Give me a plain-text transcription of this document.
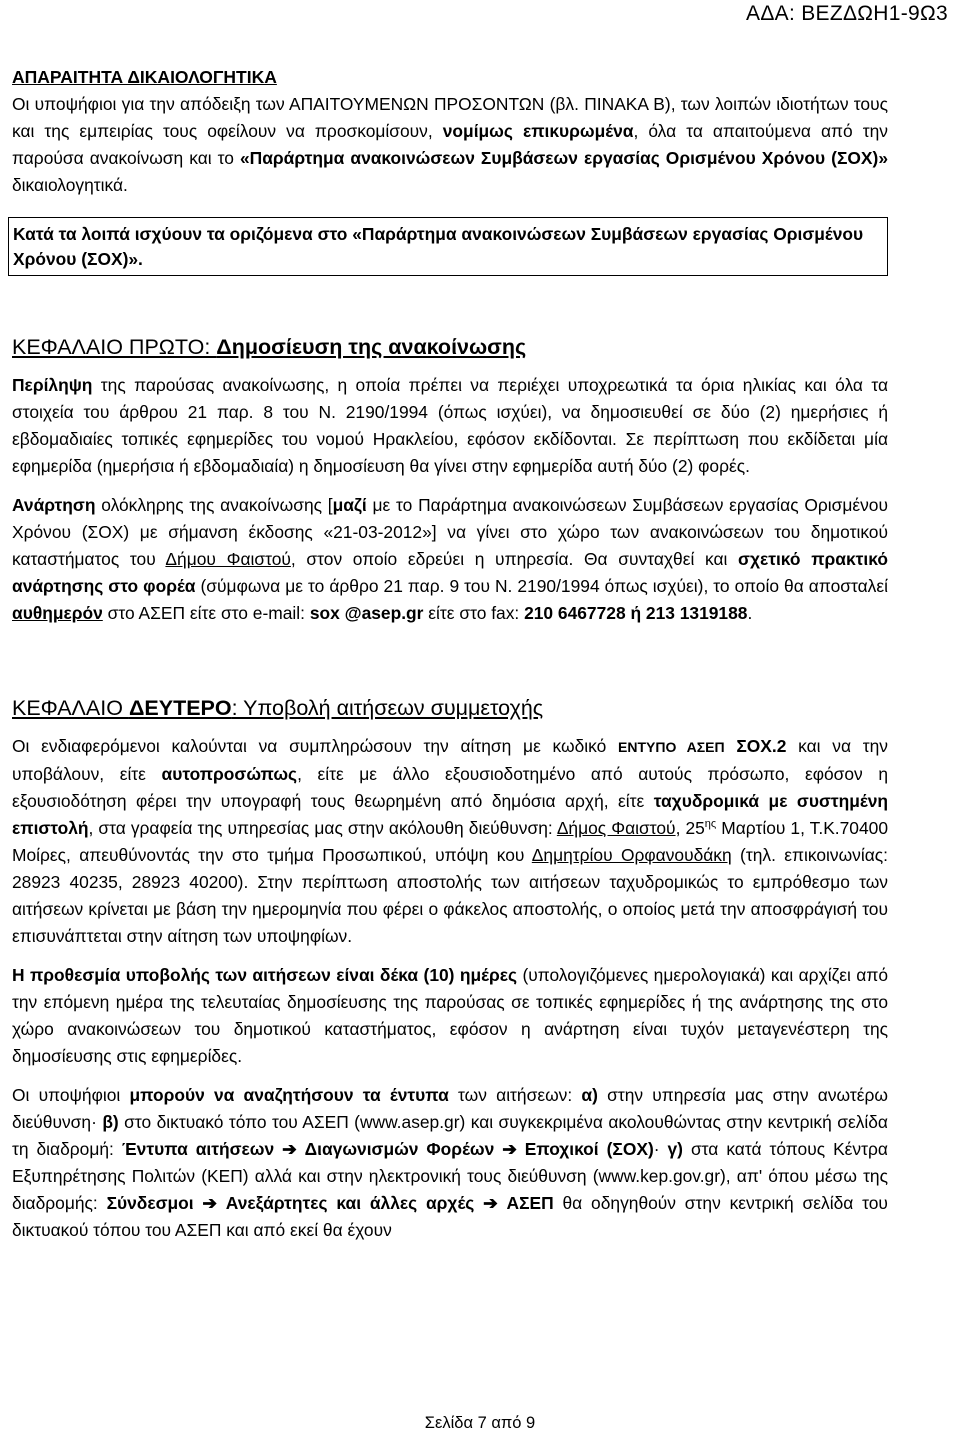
ΑΔΑ: ΒΕΖΔΩΗ1-9Ω3
ΑΠΑΡΑΙΤΗΤΑ ΔΙΚΑΙΟΛΟΓΗΤΙΚΑ

Οι υποψήφιοι για την απόδειξη των ΑΠΑΙΤΟΥΜΕΝΩΝ ΠΡΟΣΟΝΤΩΝ (βλ. ΠΙΝΑΚΑ Β), των λοιπών ιδιοτήτων τους και της εμπειρίας τους οφείλουν να προσκομίσουν, νομίμως επικυρωμένα, όλα τα απαιτούμενα από την παρούσα ανακοίνωση και το «Παράρτημα ανακοινώσεων Συμβάσεων εργασίας Ορισμένου Χρόνου (ΣΟΧ)» δικαιολογητικά.

Κατά τα λοιπά ισχύουν τα οριζόμενα στο «Παράρτημα ανακοινώσεων Συμβάσεων εργασίας Ορισμένου Χρόνου (ΣΟΧ)».
ΚΕΦΑΛΑΙΟ ΠΡΩΤΟ: Δημοσίευση της ανακοίνωσης

Περίληψη της παρούσας ανακοίνωσης, η οποία πρέπει να περιέχει υποχρεωτικά τα όρια ηλικίας και όλα τα στοιχεία του άρθρου 21 παρ. 8 του Ν. 2190/1994 (όπως ισχύει), να δημοσιευθεί σε δύο (2) ημερήσιες ή εβδομαδιαίες τοπικές εφημερίδες του νομού Ηρακλείου, εφόσον εκδίδονται. Σε περίπτωση που εκδίδεται μία εφημερίδα (ημερήσια ή εβδομαδιαία) η δημοσίευση θα γίνει στην εφημερίδα αυτή δύο (2) φορές.

Ανάρτηση ολόκληρης της ανακοίνωσης [μαζί με το Παράρτημα ανακοινώσεων Συμβάσεων εργασίας Ορισμένου Χρόνου (ΣΟΧ) με σήμανση έκδοσης «21-03-2012»] να γίνει στο χώρο των ανακοινώσεων του δημοτικού καταστήματος του Δήμου Φαιστού, στον οποίο εδρεύει η υπηρεσία. Θα συνταχθεί και σχετικό πρακτικό ανάρτησης στο φορέα (σύμφωνα με το άρθρο 21 παρ. 9 του Ν. 2190/1994 όπως ισχύει), το οποίο θα αποσταλεί αυθημερόν στο ΑΣΕΠ είτε στο e-mail: sox @asep.gr είτε στο fax: 210 6467728 ή 213 1319188.

ΚΕΦΑΛΑΙΟ ΔΕΥΤΕΡΟ: Υποβολή αιτήσεων συμμετοχής

Οι ενδιαφερόμενοι καλούνται να συμπληρώσουν την αίτηση με κωδικό ΕΝΤΥΠΟ ΑΣΕΠ ΣΟΧ.2 και να την υποβάλουν, είτε αυτοπροσώπως, είτε με άλλο εξουσιοδοτημένο από αυτούς πρόσωπο, εφόσον η εξουσιοδότηση φέρει την υπογραφή τους θεωρημένη από δημόσια αρχή, είτε ταχυδρομικά με συστημένη επιστολή, στα γραφεία της υπηρεσίας μας στην ακόλουθη διεύθυνση: Δήμος Φαιστού, $25^{\eta\varsigma}$ Μαρτίου 1, Τ.Κ.70400 Μοίρες, απευθύνοντάς την στο τμήμα Προσωπικού, υπόψη κου Δημητρίου Ορφανουδάκη (τηλ. επικοινωνίας: 28923 40235, 28923 40200). Στην περίπτωση αποστολής των αιτήσεων ταχυδρομικώς το εμπρόθεσμο των αιτήσεων κρίνεται με βάση την ημερομηνία που φέρει ο φάκελος αποστολής, ο οποίος μετά την αποσφράγισή του επισυνάπτεται στην αίτηση των υποψηφίων.

Η προθεσμία υποβολής των αιτήσεων είναι δέκα (10) ημέρες (υπολογιζόμενες ημερολογιακά) και αρχίζει από την επόμενη ημέρα της τελευταίας δημοσίευσης της παρούσας σε τοπικές εφημερίδες ή της ανάρτησης της στο χώρο ανακοινώσεων του δημοτικού καταστήματος, εφόσον η ανάρτηση είναι τυχόν μεταγενέστερη της δημοσίευσης στις εφημερίδες.

Οι υποψήφιοι μπορούν να αναζητήσουν τα έντυπα των αιτήσεων: α) στην υπηρεσία μας στην ανωτέρω διεύθυνση· β) στο δικτυακό τόπο του ΑΣΕΠ (www.asep.gr) και συγκεκριμένα ακολουθώντας στην κεντρική σελίδα τη διαδρομή: Έντυπα αιτήσεων ➔ Διαγωνισμών Φορέων ➔ Εποχικοί (ΣΟΧ)· γ) στα κατά τόπους Κέντρα Εξυπηρέτησης Πολιτών (ΚΕΠ) αλλά και στην ηλεκτρονική τους διεύθυνση (www.kep.gov.gr), απ' όπου μέσω της διαδρομής: Σύνδεσμοι ➔ Ανεξάρτητες και άλλες αρχές ➔ ΑΣΕΠ θα οδηγηθούν στην κεντρική σελίδα του δικτυακού τόπου του ΑΣΕΠ και από εκεί θα έχουν

Σελίδα 7 από 9
